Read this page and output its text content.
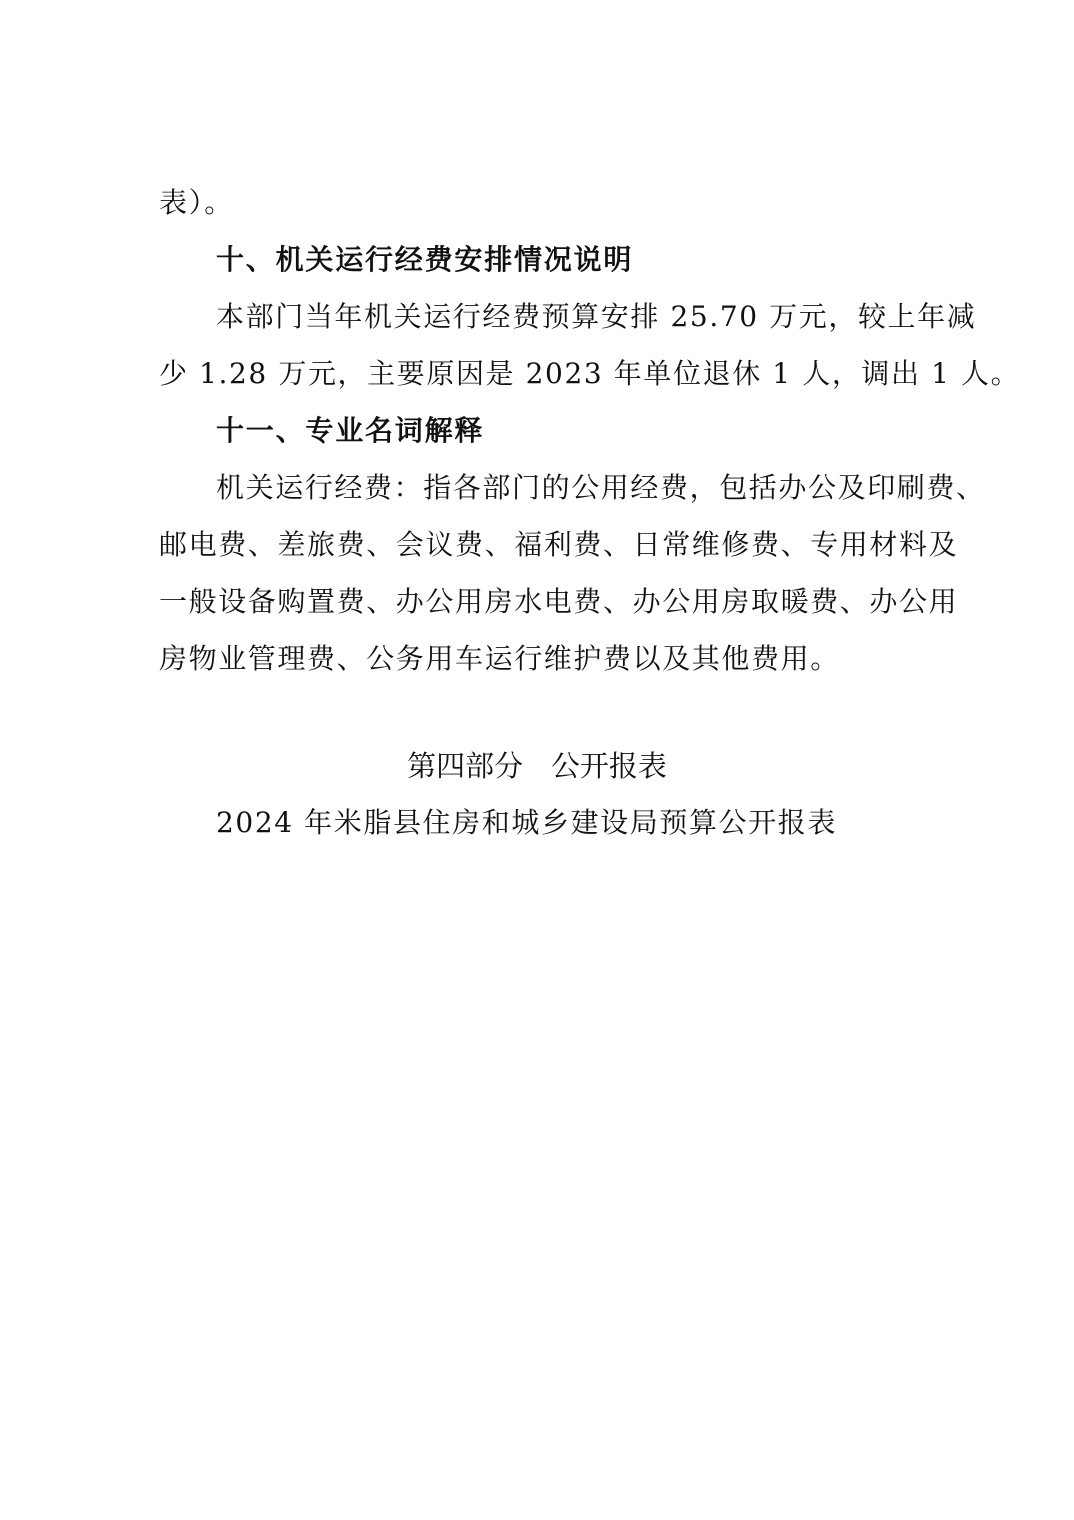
表）。
十、机关运行经费安排情况说明
本部门当年机关运行经费预算安排 25.70 万元，较上年减
少 1.28 万元，主要原因是 2023 年单位退休 1 人，调出 1 人。
十一、专业名词解释
机关运行经费：指各部门的公用经费，包括办公及印刷费、
邮电费、差旅费、会议费、福利费、日常维修费、专用材料及
一般设备购置费、办公用房水电费、办公用房取暖费、办公用
房物业管理费、公务用车运行维护费以及其他费用。
第四部分   公开报表
2024 年米脂县住房和城乡建设局预算公开报表
